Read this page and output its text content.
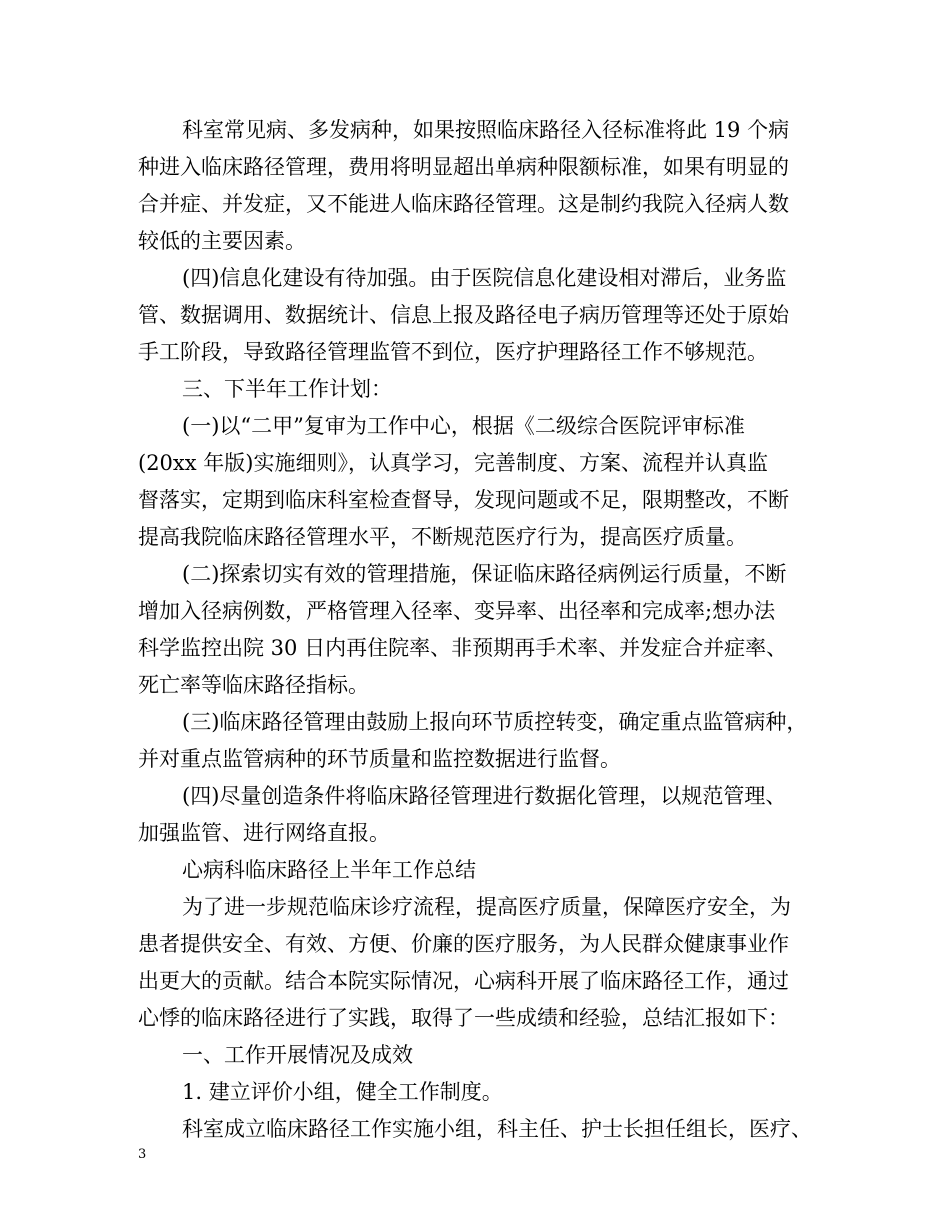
科室常见病、多发病种，如果按照临床路径入径标准将此 19 个病
种进入临床路径管理，费用将明显超出单病种限额标准，如果有明显的
合并症、并发症，又不能进人临床路径管理。这是制约我院入径病人数
较低的主要因素。
(四)信息化建设有待加强。由于医院信息化建设相对滞后，业务监
管、数据调用、数据统计、信息上报及路径电子病历管理等还处于原始
手工阶段，导致路径管理监管不到位，医疗护理路径工作不够规范。
三、下半年工作计划：
(一)以“二甲”复审为工作中心，根据《二级综合医院评审标准
(20xx 年版)实施细则》，认真学习，完善制度、方案、流程并认真监
督落实，定期到临床科室检查督导，发现问题或不足，限期整改，不断
提高我院临床路径管理水平，不断规范医疗行为，提高医疗质量。
(二)探索切实有效的管理措施，保证临床路径病例运行质量，不断
增加入径病例数，严格管理入径率、变异率、出径率和完成率;想办法
科学监控出院 30 日内再住院率、非预期再手术率、并发症合并症率、
死亡率等临床路径指标。
(三)临床路径管理由鼓励上报向环节质控转变，确定重点监管病种，
并对重点监管病种的环节质量和监控数据进行监督。
(四)尽量创造条件将临床路径管理进行数据化管理，以规范管理、
加强监管、进行网络直报。
心病科临床路径上半年工作总结
为了进一步规范临床诊疗流程，提高医疗质量，保障医疗安全，为
患者提供安全、有效、方便、价廉的医疗服务，为人民群众健康事业作
出更大的贡献。结合本院实际情况，心病科开展了临床路径工作，通过
心悸的临床路径进行了实践，取得了一些成绩和经验，总结汇报如下：
一、工作开展情况及成效
1. 建立评价小组，健全工作制度。
科室成立临床路径工作实施小组，科主任、护士长担任组长，医疗、
3
